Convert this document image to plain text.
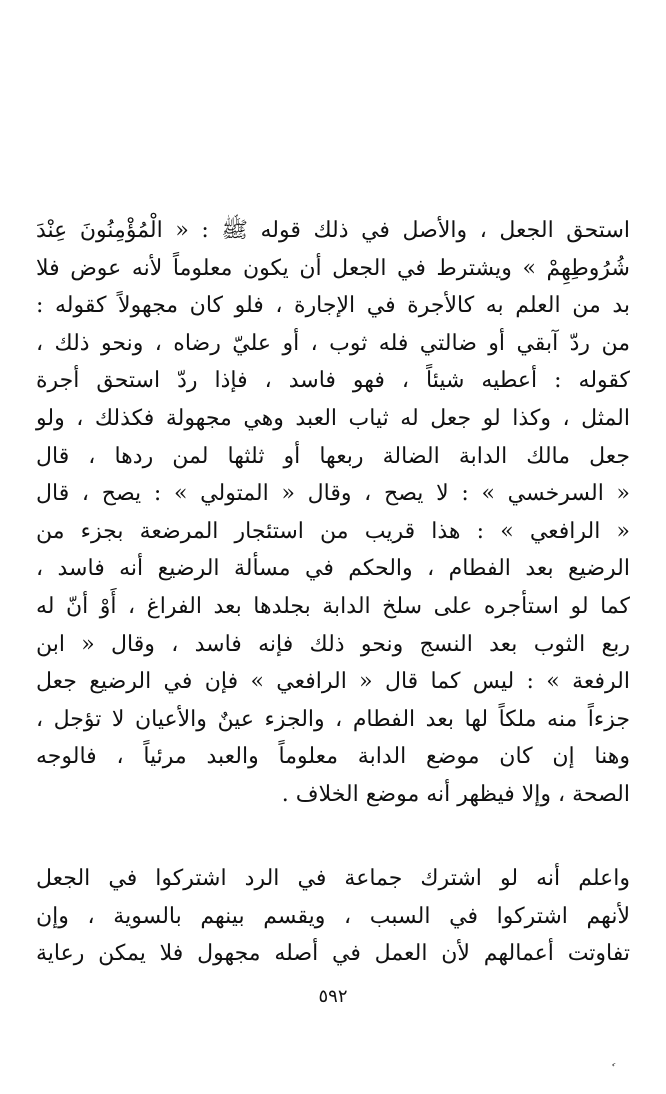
استحق الجعل ، والأصل في ذلك قوله ﷺ : « الْمُؤْمِنُونَ عِنْدَ
شُرُوطِهِمْ » ويشترط في الجعل أن يكون معلوماً لأنه عوض فلا
بد من العلم به كالأجرة في الإجارة ، فلو كان مجهولاً كقوله :
من ردّ آبقي أو ضالتي فله ثوب ، أو عليّ رضاه ، ونحو ذلك ،
كقوله : أعطيه شيئاً ، فهو فاسد ، فإذا ردّ استحق أجرة
المثل ، وكذا لو جعل له ثياب العبد وهي مجهولة فكذلك ، ولو
جعل مالك الدابة الضالة ربعها أو ثلثها لمن ردها ، قال
« السرخسي » : لا يصح ، وقال « المتولي » : يصح ، قال
« الرافعي » : هذا قريب من استئجار المرضعة بجزء من
الرضيع بعد الفطام ، والحكم في مسألة الرضيع أنه فاسد ،
كما لو استأجره على سلخ الدابة بجلدها بعد الفراغ ، أَوْ أنّ له
ربع الثوب بعد النسج ونحو ذلك فإنه فاسد ، وقال « ابن
الرفعة » : ليس كما قال « الرافعي » فإن في الرضيع جعل
جزءاً منه ملكاً لها بعد الفطام ، والجزء عينٌ والأعيان لا تؤجل ،
وهنا إن كان موضع الدابة معلوماً والعبد مرئياً ، فالوجه
الصحة ، وإلا فيظهر أنه موضع الخلاف .
واعلم أنه لو اشترك جماعة في الرد اشتركوا في الجعل
لأنهم اشتركوا في السبب ، ويقسم بينهم بالسوية ، وإن
تفاوتت أعمالهم لأن العمل في أصله مجهول فلا يمكن رعاية
٥٩٢
